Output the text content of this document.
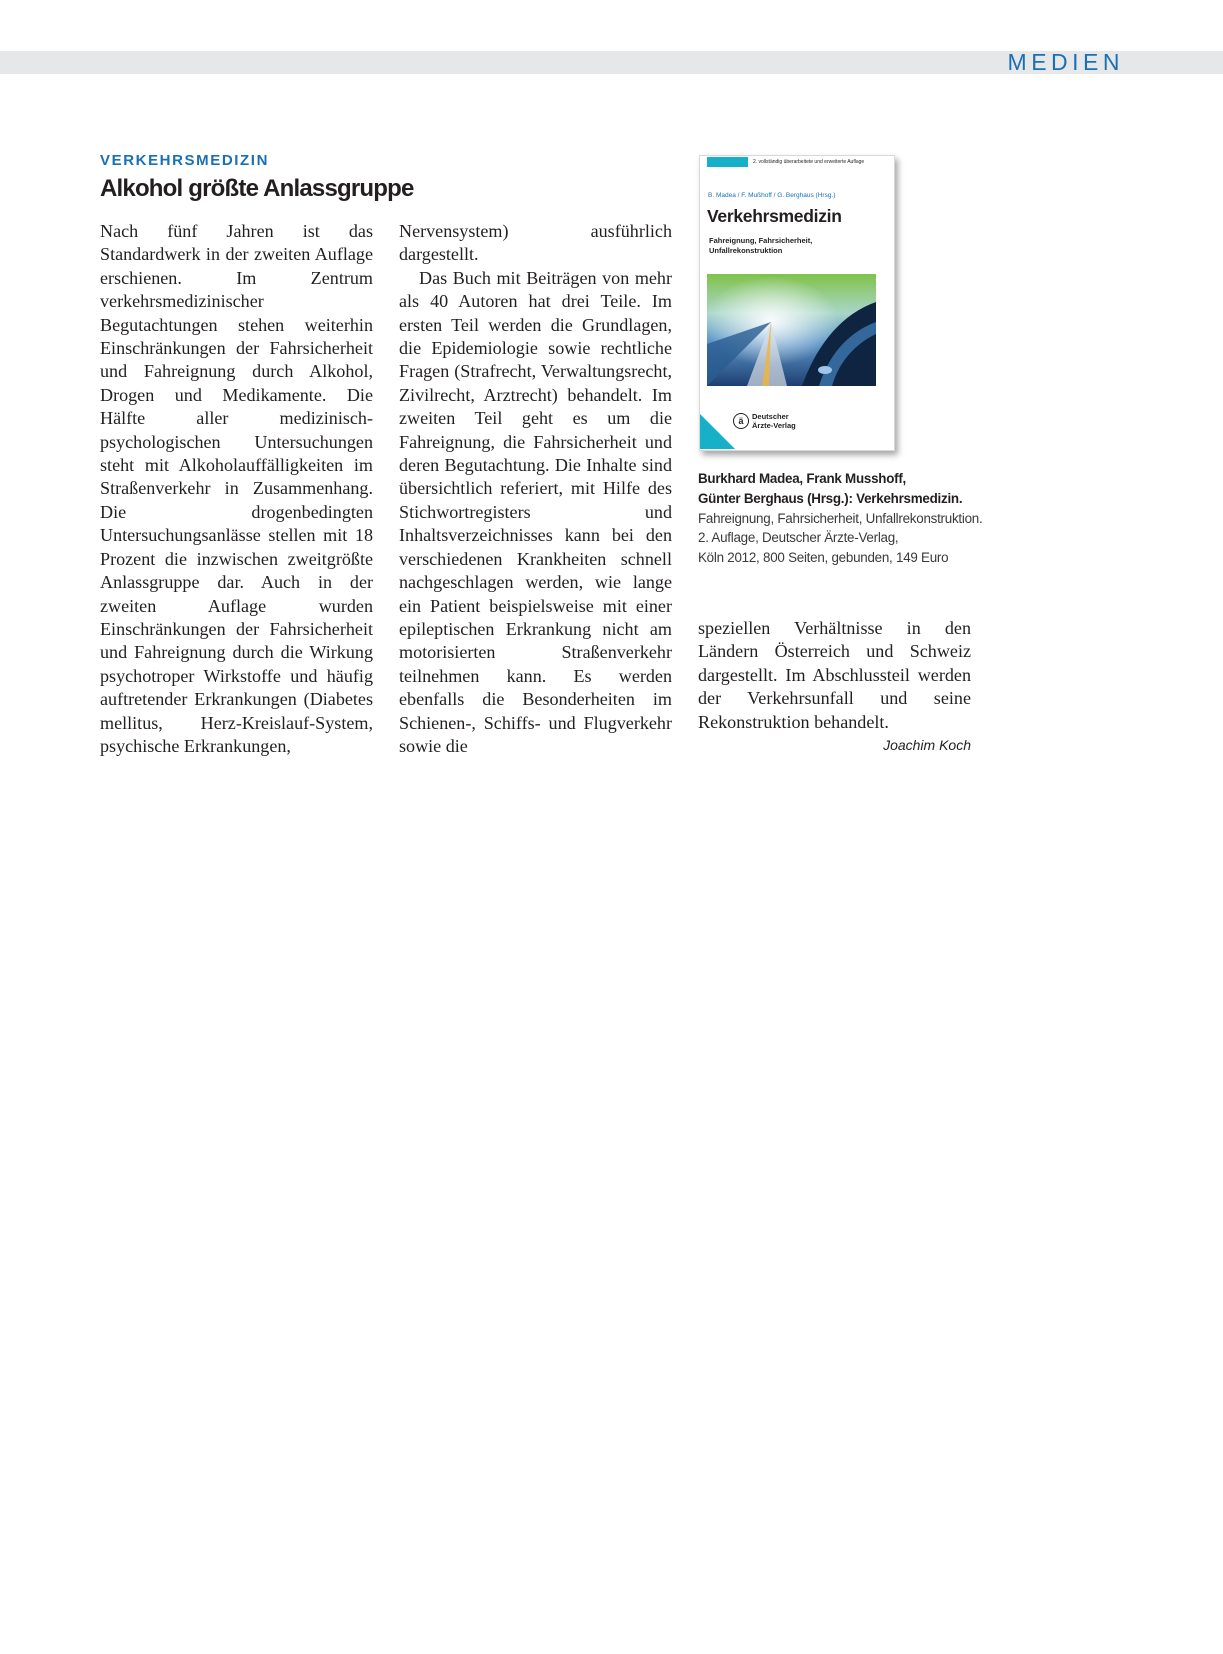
MEDIEN
VERKEHRSMEDIZIN
Alkohol größte Anlassgruppe

Nach fünf Jahren ist das Standardwerk in der zweiten Auflage erschienen. Im Zentrum verkehrsmedizinischer Begutachtungen stehen weiterhin Einschränkungen der Fahrsicherheit und Fahreignung durch Alkohol, Drogen und Medikamente. Die Hälfte aller medizinisch-psychologischen Untersuchungen steht mit Alkoholauffälligkeiten im Straßenverkehr in Zusammenhang. Die drogenbedingten Untersuchungsanlässe stellen mit 18 Prozent die inzwischen zweitgrößte Anlassgruppe dar. Auch in der zweiten Auflage wurden Einschränkungen der Fahrsicherheit und Fahreignung durch die Wirkung psychotroper Wirkstoffe und häufig auftretender Erkrankungen (Diabetes mellitus, Herz-Kreislauf-System, psychische Erkrankungen,

Nervensystem) ausführlich dargestellt.

Das Buch mit Beiträgen von mehr als 40 Autoren hat drei Teile. Im ersten Teil werden die Grundlagen, die Epidemiologie sowie rechtliche Fragen (Strafrecht, Verwaltungsrecht, Zivilrecht, Arztrecht) behandelt. Im zweiten Teil geht es um die Fahreignung, die Fahrsicherheit und deren Begutachtung. Die Inhalte sind übersichtlich referiert, mit Hilfe des Stichwortregisters und Inhaltsverzeichnisses kann bei den verschiedenen Krankheiten schnell nachgeschlagen werden, wie lange ein Patient beispielsweise mit einer epileptischen Erkrankung nicht am motorisierten Straßenverkehr teilnehmen kann. Es werden ebenfalls die Besonderheiten im Schienen-, Schiffs- und Flugverkehr sowie die

speziellen Verhältnisse in den Ländern Österreich und Schweiz dargestellt. Im Abschlussteil werden der Verkehrsunfall und seine Rekonstruktion behandelt.
Joachim Koch

2. vollständig überarbeitete und erweiterte Auflage
B. Madea / F. Mußhoff / G. Berghaus (Hrsg.)
Verkehrsmedizin
Fahreignung, Fahrsicherheit,
Unfallrekonstruktion
ä	Deutscher
Ärzte-Verlag
Burkhard Madea, Frank Musshoff,
Günter Berghaus (Hrsg.): Verkehrsmedizin.
Fahreignung, Fahrsicherheit, Unfallrekonstruktion.
2. Auflage, Deutscher Ärzte-Verlag,
Köln 2012, 800 Seiten, gebunden, 149 Euro
